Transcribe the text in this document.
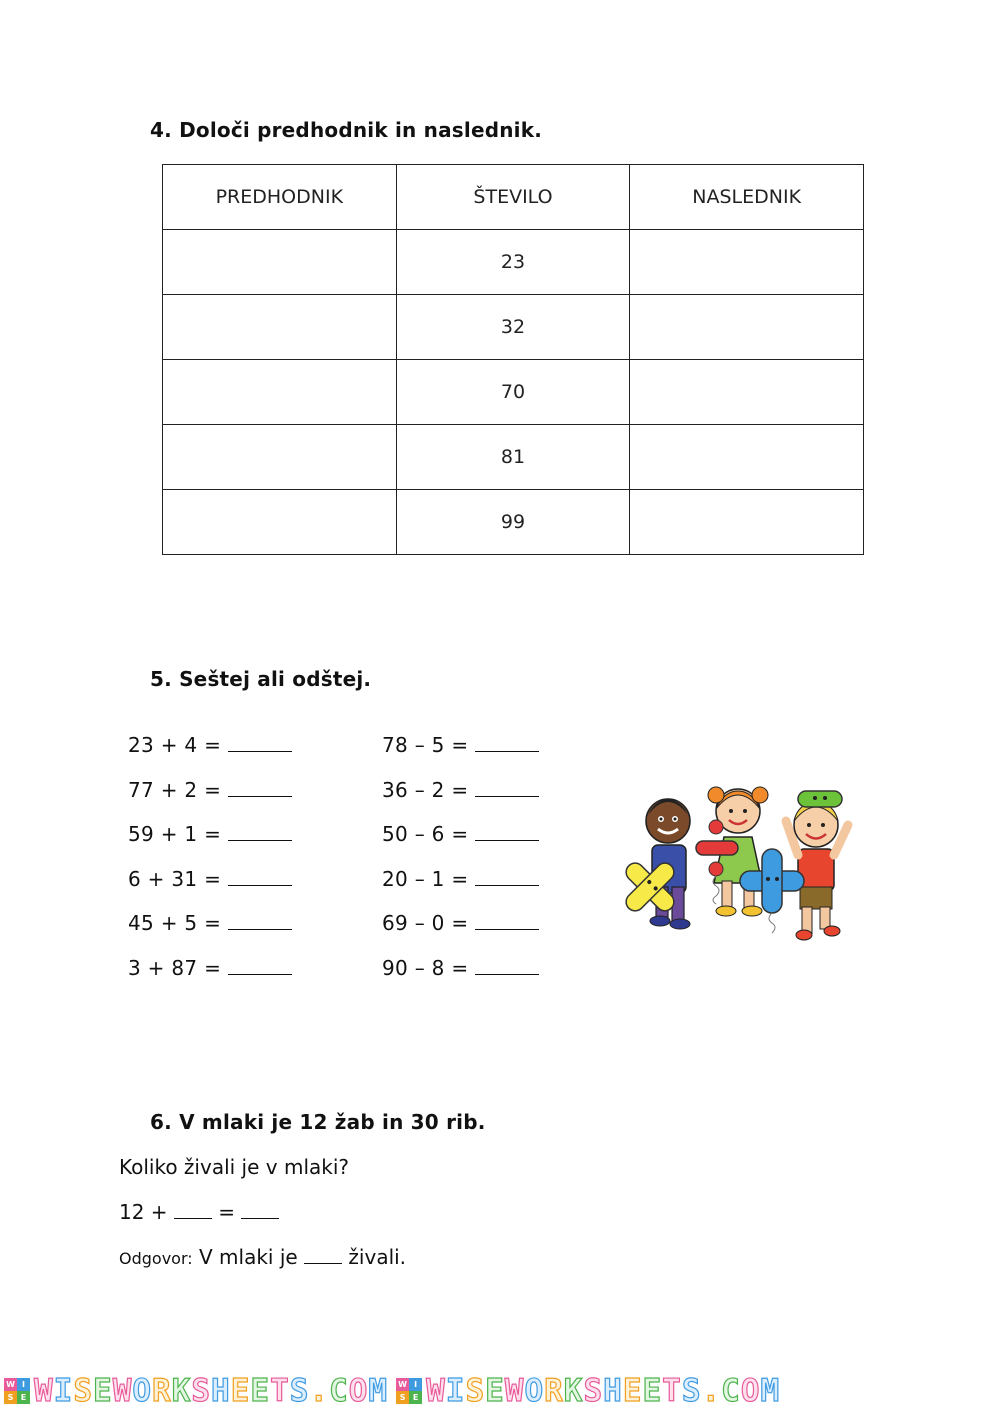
4. Določi predhodnik in naslednik.
PREDHODNIK	ŠTEVILO	NASLEDNIK
	23	
	32	
	70	
	81	
	99	
5. Seštej ali odštej.
23 + 4 =
77 + 2 =
59 + 1 =
6 + 31 =
45 + 5 =
3 + 87 =
78 – 5 =
36 – 2 =
50 – 6 =
20 – 1 =
69 – 0 =
90 – 8 =
6. V mlaki je 12 žab in 30 rib.
Koliko živali je v mlaki?
12 +	=
Odgovor: V mlaki je	živali.
W I
S E WISEWORKSHEETS.COM W I
S E WISEWORKSHEETS.COM
